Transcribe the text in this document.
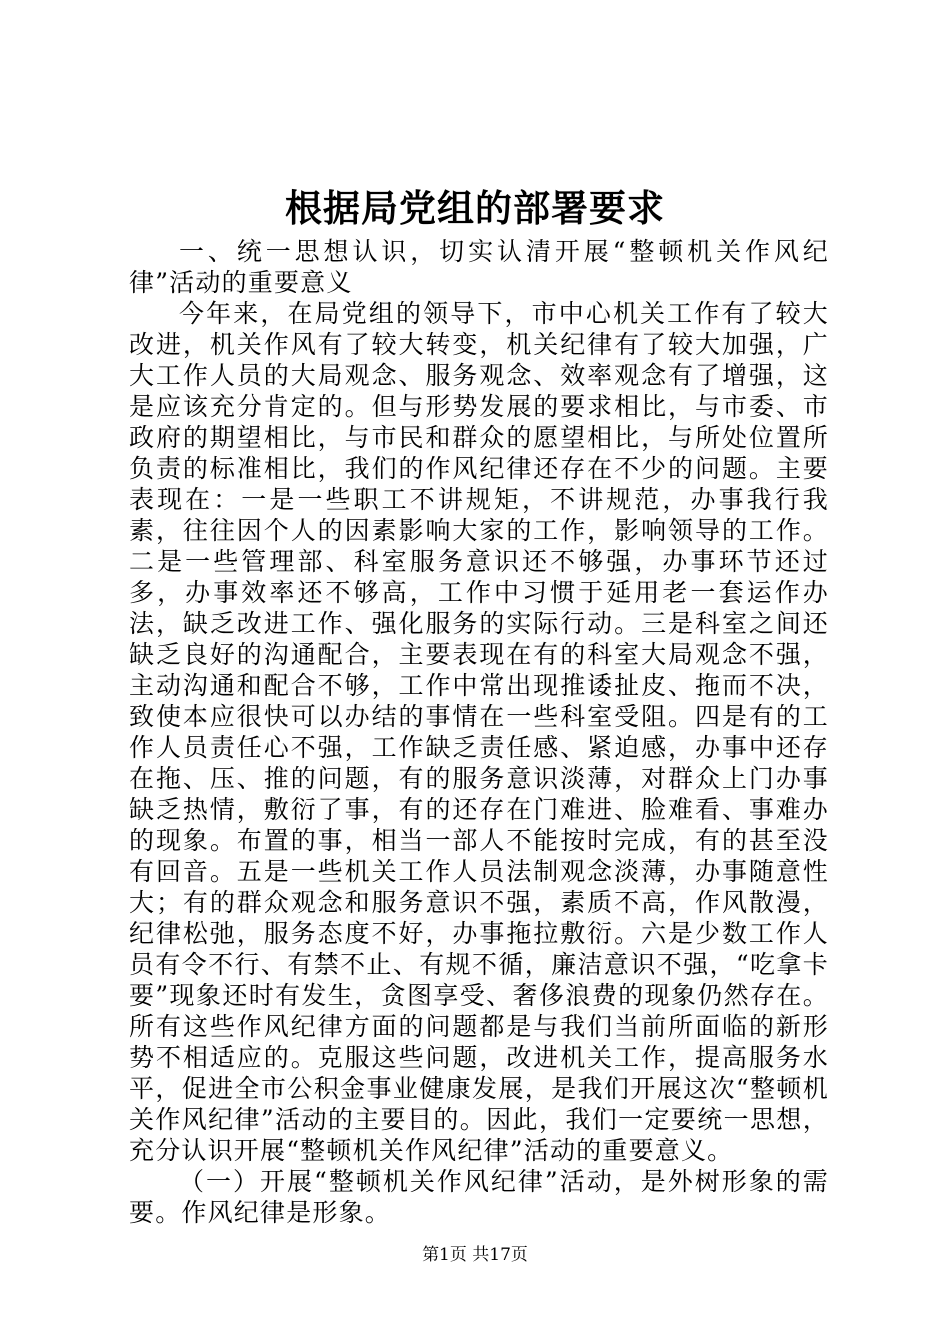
根据局党组的部署要求

一、统一思想认识，切实认清开展“整顿机关作风纪律”活动的重要意义

今年来，在局党组的领导下，市中心机关工作有了较大改进，机关作风有了较大转变，机关纪律有了较大加强，广大工作人员的大局观念、服务观念、效率观念有了增强，这是应该充分肯定的。但与形势发展的要求相比，与市委、市政府的期望相比，与市民和群众的愿望相比，与所处位置所负责的标准相比，我们的作风纪律还存在不少的问题。主要表现在：一是一些职工不讲规矩，不讲规范，办事我行我素，往往因个人的因素影响大家的工作，影响领导的工作。二是一些管理部、科室服务意识还不够强，办事环节还过多，办事效率还不够高，工作中习惯于延用老一套运作办法，缺乏改进工作、强化服务的实际行动。三是科室之间还缺乏良好的沟通配合，主要表现在有的科室大局观念不强，主动沟通和配合不够，工作中常出现推诿扯皮、拖而不决，致使本应很快可以办结的事情在一些科室受阻。四是有的工作人员责任心不强，工作缺乏责任感、紧迫感，办事中还存在拖、压、推的问题，有的服务意识淡薄，对群众上门办事缺乏热情，敷衍了事，有的还存在门难进、脸难看、事难办的现象。布置的事，相当一部人不能按时完成，有的甚至没有回音。五是一些机关工作人员法制观念淡薄，办事随意性大；有的群众观念和服务意识不强，素质不高，作风散漫，纪律松弛，服务态度不好，办事拖拉敷衍。六是少数工作人员有令不行、有禁不止、有规不循，廉洁意识不强，“吃拿卡要”现象还时有发生，贪图享受、奢侈浪费的现象仍然存在。所有这些作风纪律方面的问题都是与我们当前所面临的新形势不相适应的。克服这些问题，改进机关工作，提高服务水平，促进全市公积金事业健康发展，是我们开展这次“整顿机关作风纪律”活动的主要目的。因此，我们一定要统一思想，充分认识开展“整顿机关作风纪律”活动的重要意义。

（一）开展“整顿机关作风纪律”活动，是外树形象的需要。作风纪律是形象。

第1页 共17页
